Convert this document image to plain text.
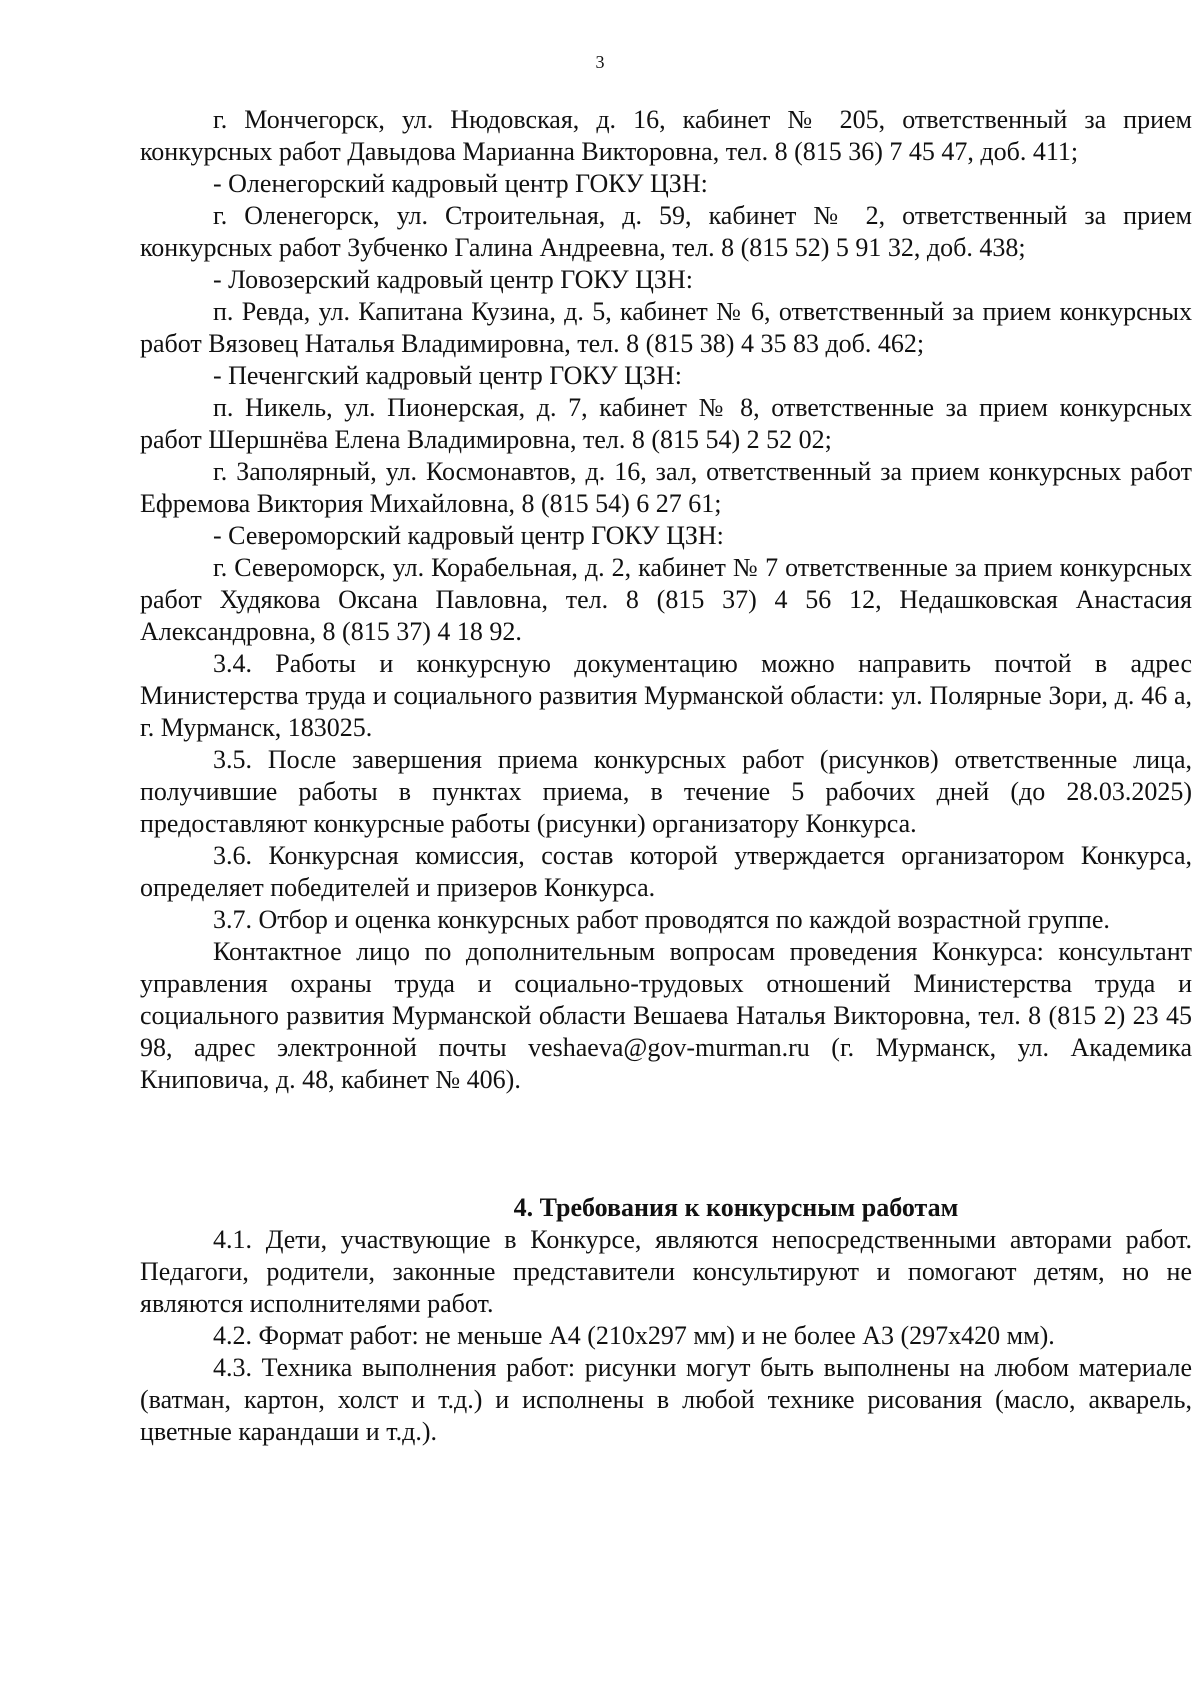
3

г. Мончегорск, ул. Нюдовская, д. 16, кабинет № 205, ответственный за прием конкурсных работ Давыдова Марианна Викторовна, тел. 8 (815 36) 7 45 47, доб. 411;

- Оленегорский кадровый центр ГОКУ ЦЗН:

г. Оленегорск, ул. Строительная, д. 59, кабинет № 2, ответственный за прием конкурсных работ Зубченко Галина Андреевна, тел. 8 (815 52) 5 91 32, доб. 438;

- Ловозерский кадровый центр ГОКУ ЦЗН:

п. Ревда, ул. Капитана Кузина, д. 5, кабинет № 6, ответственный за прием конкурсных работ Вязовец Наталья Владимировна, тел. 8 (815 38) 4 35 83 доб. 462;

- Печенгский кадровый центр ГОКУ ЦЗН:

п. Никель, ул. Пионерская, д. 7, кабинет № 8, ответственные за прием конкурсных работ Шершнёва Елена Владимировна, тел. 8 (815 54) 2 52 02;

г. Заполярный, ул. Космонавтов, д. 16, зал, ответственный за прием конкурсных работ Ефремова Виктория Михайловна, 8 (815 54) 6 27 61;

- Североморский кадровый центр ГОКУ ЦЗН:

г. Североморск, ул. Корабельная, д. 2, кабинет № 7 ответственные за прием конкурсных работ Худякова Оксана Павловна, тел. 8 (815 37) 4 56 12, Недашковская Анастасия Александровна, 8 (815 37) 4 18 92.

3.4. Работы и конкурсную документацию можно направить почтой в адрес Министерства труда и социального развития Мурманской области: ул. Полярные Зори, д. 46 а, г. Мурманск, 183025.

3.5. После завершения приема конкурсных работ (рисунков) ответственные лица, получившие работы в пунктах приема, в течение 5 рабочих дней (до 28.03.2025) предоставляют конкурсные работы (рисунки) организатору Конкурса.

3.6. Конкурсная комиссия, состав которой утверждается организатором Конкурса, определяет победителей и призеров Конкурса.

3.7. Отбор и оценка конкурсных работ проводятся по каждой возрастной группе.

Контактное лицо по дополнительным вопросам проведения Конкурса: консультант управления охраны труда и социально-трудовых отношений Министерства труда и социального развития Мурманской области Вешаева Наталья Викторовна, тел. 8 (815 2) 23 45 98, адрес электронной почты veshaeva@gov-murman.ru (г. Мурманск, ул. Академика Книповича, д. 48, кабинет № 406).

4. Требования к конкурсным работам

4.1. Дети, участвующие в Конкурсе, являются непосредственными авторами работ. Педагоги, родители, законные представители консультируют и помогают детям, но не являются исполнителями работ.

4.2. Формат работ: не меньше А4 (210х297 мм) и не более А3 (297х420 мм).

4.3. Техника выполнения работ: рисунки могут быть выполнены на любом материале (ватман, картон, холст и т.д.) и исполнены в любой технике рисования (масло, акварель, цветные карандаши и т.д.).
